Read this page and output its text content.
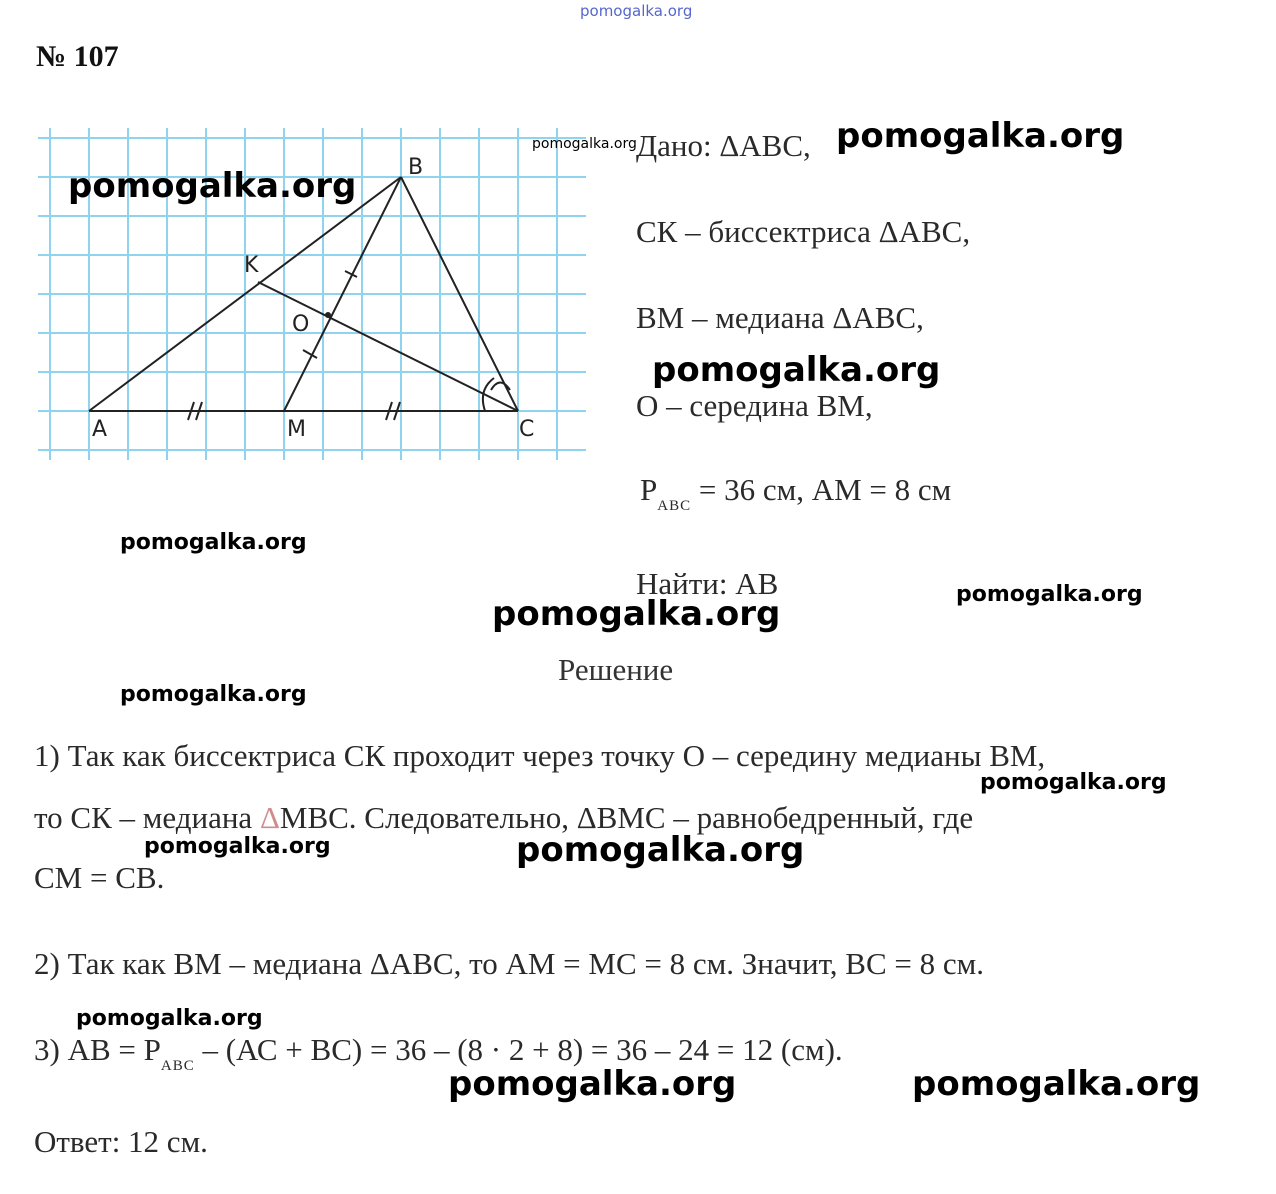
pomogalka.org
№ 107
A
B
C
K
M
O
pomogalka.org
pomogalka.org Дано: ΔАВС, pomogalka.org
СК – биссектриса ΔАВС,
ВМ – медиана ΔАВС,
pomogalka.org
О – середина ВМ,
$P_{ABC} = 36$ см, АМ = 8 см
pomogalka.org
Найти: АВ
pomogalka.org	pomogalka.org
Решение
pomogalka.org
1) Так как биссектриса СК проходит через точку О – середину медианы ВМ,
pomogalka.org
то СК – медиана ΔМВС. Следовательно, ΔВМС – равнобедренный, где
pomogalka.org	pomogalka.org
СМ = СВ.
2) Так как ВМ – медиана ΔАВС, то АМ = МС = 8 см. Значит, ВС = 8 см.
pomogalka.org
3) АВ = $P_{ABC} - (АС + ВС) = 36 - (8 \cdot 2 + 8) = 36 - 24 = 12$ (см).
pomogalka.org	pomogalka.org
Ответ: 12 см.
